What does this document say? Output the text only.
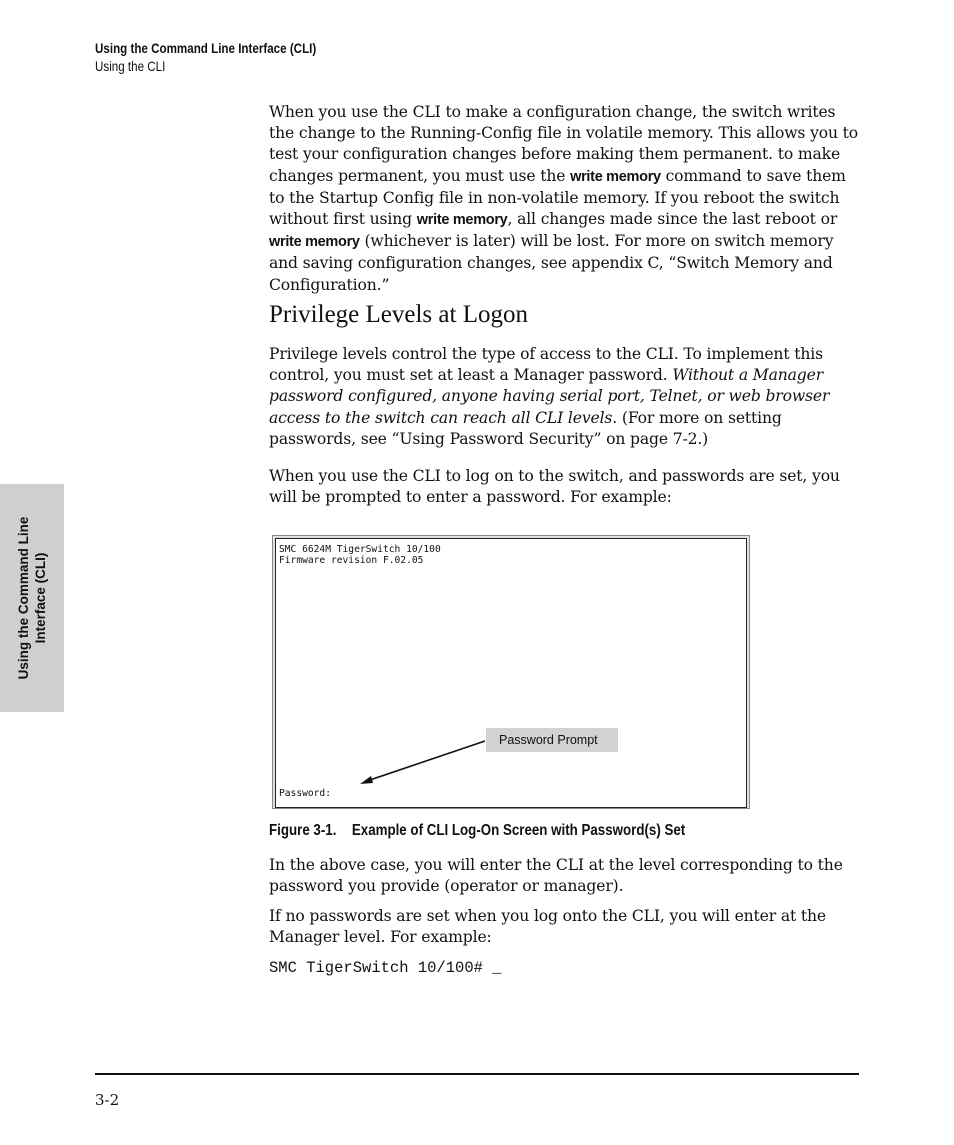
Using the Command Line Interface (CLI)
Using the CLI
Using the Command Line Interface (CLI)

When you use the CLI to make a configuration change, the switch writes the change to the Running-Config file in volatile memory. This allows you to test your configuration changes before making them permanent. to make changes permanent, you must use the write memory command to save them to the Startup Config file in non-volatile memory. If you reboot the switch without first using write memory, all changes made since the last reboot or write memory (whichever is later) will be lost. For more on switch memory and saving configuration changes, see appendix C, “Switch Memory and Configuration.”

Privilege Levels at Logon

Privilege levels control the type of access to the CLI. To implement this control, you must set at least a Manager password. Without a Manager password configured, anyone having serial port, Telnet, or web browser access to the switch can reach all CLI levels. (For more on setting passwords, see “Using Password Security” on page 7-2.)

When you use the CLI to log on to the switch, and passwords are set, you will be prompted to enter a password. For example:

SMC 6624M TigerSwitch 10/100
Firmware revision F.02.05
Password:
Password Prompt
Figure 3-1. Example of CLI Log-On Screen with Password(s) Set

In the above case, you will enter the CLI at the level corresponding to the password you provide (operator or manager).

If no passwords are set when you log onto the CLI, you will enter at the Manager level. For example:

SMC TigerSwitch 10/100# _
3-2
